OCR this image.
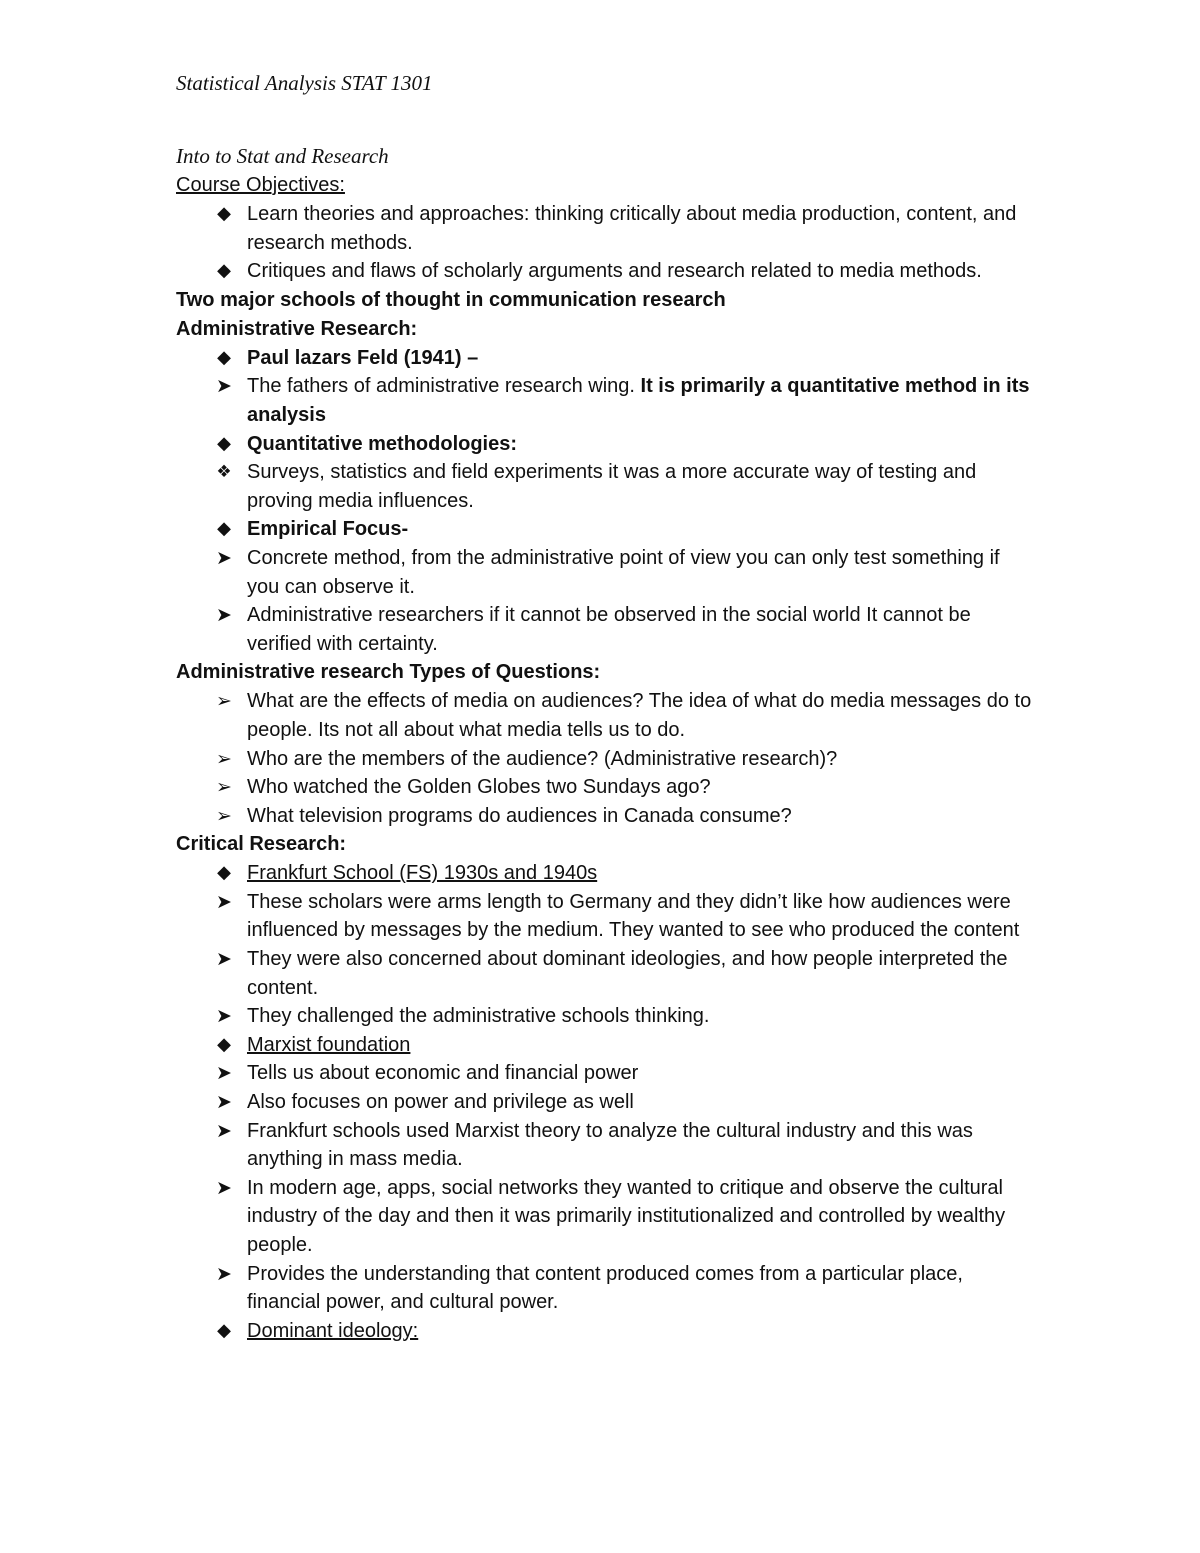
Statistical Analysis STAT 1301
Into to Stat and Research
Course Objectives:
◆
Learn theories and approaches: thinking critically about media production, content, and research methods.
◆
Critiques and flaws of scholarly arguments and research related to media methods.
Two major schools of thought in communication research
Administrative Research:
◆
Paul lazars Feld (1941) –
➤
The fathers of administrative research wing. It is primarily a quantitative method in its analysis
◆
Quantitative methodologies:
❖
Surveys, statistics and field experiments it was a more accurate way of testing and proving media influences.
◆
Empirical Focus-
➤
Concrete method, from the administrative point of view you can only test something if you can observe it.
➤
Administrative researchers if it cannot be observed in the social world It cannot be verified with certainty.
Administrative research Types of Questions:
➢
What are the effects of media on audiences? The idea of what do media messages do to people. Its not all about what media tells us to do.
➢
Who are the members of the audience? (Administrative research)?
➢
Who watched the Golden Globes two Sundays ago?
➢
What television programs do audiences in Canada consume?
Critical Research:
◆
Frankfurt School (FS) 1930s and 1940s
➤
These scholars were arms length to Germany and they didn’t like how audiences were influenced by messages by the medium. They wanted to see who produced the content
➤
They were also concerned about dominant ideologies, and how people interpreted the content.
➤
They challenged the administrative schools thinking.
◆
Marxist foundation
➤
Tells us about economic and financial power
➤
Also focuses on power and privilege as well
➤
Frankfurt schools used Marxist theory to analyze the cultural industry and this was anything in mass media.
➤
In modern age, apps, social networks they wanted to critique and observe the cultural industry of the day and then it was primarily institutionalized and controlled by wealthy people.
➤
Provides the understanding that content produced comes from a particular place, financial power, and cultural power.
◆
Dominant ideology:
